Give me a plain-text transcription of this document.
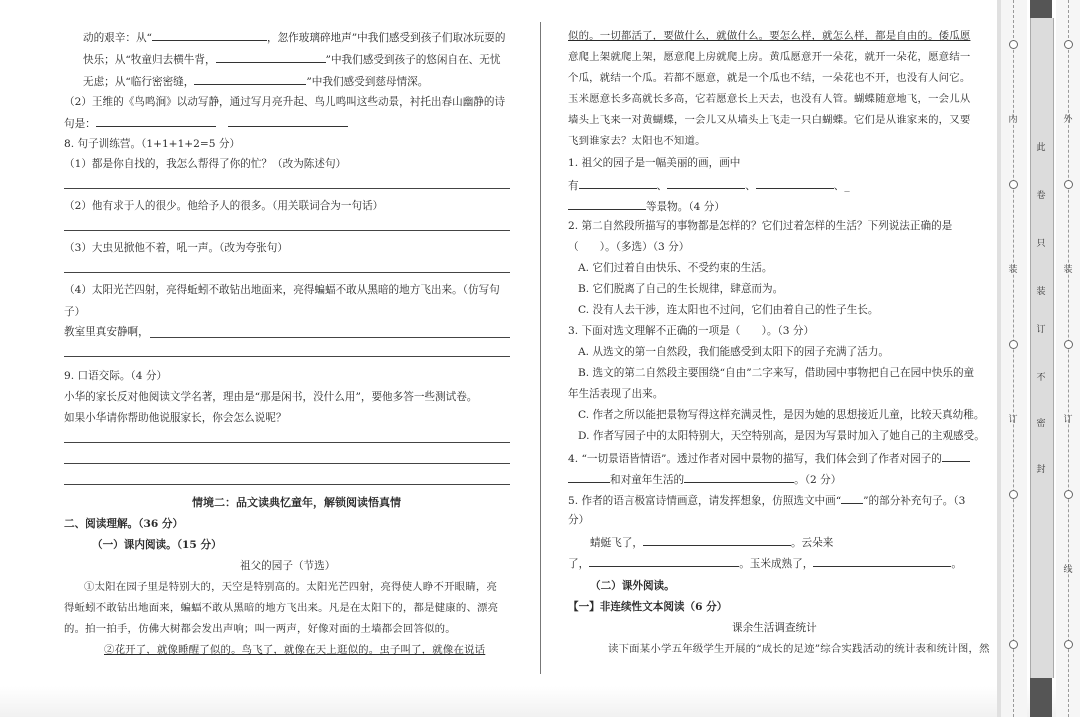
动的艰辛：从“	，忽作玻璃碎地声”中我们感受到孩子们取冰玩耍的
快乐；从“牧童归去横牛背，	”中我们感受到孩子的悠闲自在、无忧
无虑；从“临行密密缝，	”中我们感受到慈母情深。
（2）王维的《鸟鸣涧》以动写静，通过写月亮升起、鸟儿鸣叫这些动景，衬托出春山幽静的诗
句是：
8. 句子训练营。（1+1+1+2=5 分）
（1）都是你自找的，我怎么帮得了你的忙？（改为陈述句）
（2）他有求于人的很少。他给予人的很多。（用关联词合为一句话）
（3）大虫见掀他不着，吼一声。（改为夸张句）
（4）太阳光芒四射，亮得蚯蚓不敢钻出地面来，亮得蝙蝠不敢从黑暗的地方飞出来。（仿写句
子）
教室里真安静啊，
9. 口语交际。（4 分）
小华的家长反对他阅读文学名著，理由是“那是闲书，没什么用”，要他多答一些测试卷。
如果小华请你帮助他说服家长，你会怎么说呢？
情境二：品文读典忆童年，解锁阅读悟真情
二、阅读理解。（36 分）
（一）课内阅读。（15 分）
祖父的园子（节选）
①太阳在园子里是特别大的，天空是特别高的。太阳光芒四射，亮得使人睁不开眼睛，亮
得蚯蚓不敢钻出地面来，蝙蝠不敢从黑暗的地方飞出来。凡是在太阳下的，都是健康的、漂亮
的。拍一拍手，仿佛大树都会发出声响；叫一两声，好像对面的土墙都会回答似的。
②花开了，就像睡醒了似的。鸟飞了，就像在天上逛似的。虫子叫了，就像在说话
似的。一切都活了，要做什么，就做什么。要怎么样，就怎么样，都是自由的。倭瓜愿
意爬上架就爬上架，愿意爬上房就爬上房。黄瓜愿意开一朵花，就开一朵花，愿意结一
个瓜，就结一个瓜。若都不愿意，就是一个瓜也不结，一朵花也不开，也没有人问它。
玉米愿意长多高就长多高，它若愿意长上天去，也没有人管。蝴蝶随意地飞，一会儿从
墙头上飞来一对黄蝴蝶，一会儿又从墙头上飞走一只白蝴蝶。它们是从谁家来的，又要
飞到谁家去？太阳也不知道。
1. 祖父的园子是一幅美丽的画，画中
有	、	、	、_
等景物。（4 分）
2. 第二自然段所描写的事物都是怎样的？它们过着怎样的生活？下列说法正确的是
（　　）。（多选）（3 分）
A. 它们过着自由快乐、不受约束的生活。
B. 它们脱离了自己的生长规律，肆意而为。
C. 没有人去干涉，连太阳也不过问，它们由着自己的性子生长。
3. 下面对选文理解不正确的一项是（　　）。（3 分）
A. 从选文的第一自然段，我们能感受到太阳下的园子充满了活力。
B. 选文的第二自然段主要围绕“自由”二字来写，借助园中事物把自己在园中快乐的童
年生活表现了出来。
C. 作者之所以能把景物写得这样充满灵性，是因为她的思想接近儿童，比较天真幼稚。
D. 作者写园子中的太阳特别大，天空特别高，是因为写景时加入了她自己的主观感受。
4. “一切景语皆情语”。透过作者对园中景物的描写，我们体会到了作者对园子的
和对童年生活的	。（2 分）
5. 作者的语言极富诗情画意，请发挥想象，仿照选文中画“ ”的部分补充句子。（3
分）
蜻蜓飞了，	。云朵来
了，	。玉米成熟了，	。
（二）课外阅读。
【一】非连续性文本阅读（6 分）
课余生活调查统计
读下面某小学五年级学生开展的“成长的足迹”综合实践活动的统计表和统计图，然
内
装
订
此
卷
只
装
订
不
密
封
外
装
订
线
